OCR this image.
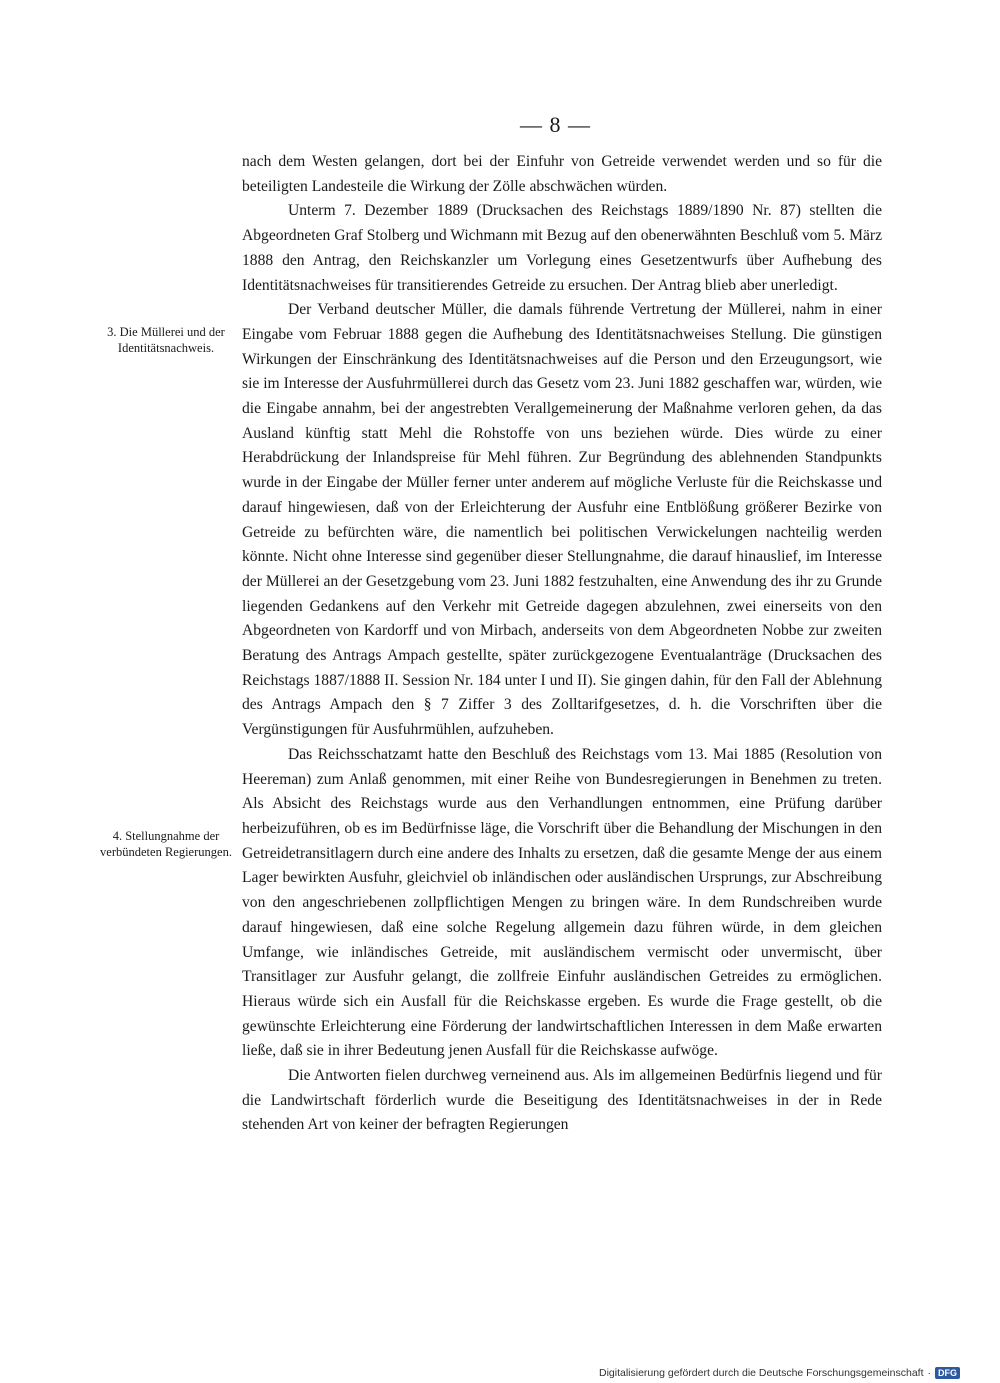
— 8 —
3. Die Müllerei und der Identitätsnachweis.
4. Stellungnahme der verbündeten Regierungen.

nach dem Westen gelangen, dort bei der Einfuhr von Getreide verwendet werden und so für die beteiligten Landesteile die Wirkung der Zölle abschwächen würden.

Unterm 7. Dezember 1889 (Drucksachen des Reichstags 1889/1890 Nr. 87) stellten die Abgeordneten Graf Stolberg und Wichmann mit Bezug auf den obenerwähnten Beschluß vom 5. März 1888 den Antrag, den Reichskanzler um Vorlegung eines Gesetzentwurfs über Aufhebung des Identitätsnachweises für transitierendes Getreide zu ersuchen. Der Antrag blieb aber unerledigt.

Der Verband deutscher Müller, die damals führende Vertretung der Müllerei, nahm in einer Eingabe vom Februar 1888 gegen die Aufhebung des Identitätsnachweises Stellung. Die günstigen Wirkungen der Einschränkung des Identitätsnachweises auf die Person und den Erzeugungsort, wie sie im Interesse der Ausfuhrmüllerei durch das Gesetz vom 23. Juni 1882 geschaffen war, würden, wie die Eingabe annahm, bei der angestrebten Verallgemeinerung der Maßnahme verloren gehen, da das Ausland künftig statt Mehl die Rohstoffe von uns beziehen würde. Dies würde zu einer Herabdrückung der Inlandspreise für Mehl führen. Zur Begründung des ablehnenden Standpunkts wurde in der Eingabe der Müller ferner unter anderem auf mögliche Verluste für die Reichskasse und darauf hingewiesen, daß von der Erleichterung der Ausfuhr eine Entblößung größerer Bezirke von Getreide zu befürchten wäre, die namentlich bei politischen Verwickelungen nachteilig werden könnte. Nicht ohne Interesse sind gegenüber dieser Stellungnahme, die darauf hinauslief, im Interesse der Müllerei an der Gesetzgebung vom 23. Juni 1882 festzuhalten, eine Anwendung des ihr zu Grunde liegenden Gedankens auf den Verkehr mit Getreide dagegen abzulehnen, zwei einerseits von den Abgeordneten von Kardorff und von Mirbach, anderseits von dem Abgeordneten Nobbe zur zweiten Beratung des Antrags Ampach gestellte, später zurückgezogene Eventualanträge (Drucksachen des Reichstags 1887/1888 II. Session Nr. 184 unter I und II). Sie gingen dahin, für den Fall der Ablehnung des Antrags Ampach den § 7 Ziffer 3 des Zolltarifgesetzes, d. h. die Vorschriften über die Vergünstigungen für Ausfuhrmühlen, aufzuheben.

Das Reichsschatzamt hatte den Beschluß des Reichstags vom 13. Mai 1885 (Resolution von Heereman) zum Anlaß genommen, mit einer Reihe von Bundesregierungen in Benehmen zu treten. Als Absicht des Reichstags wurde aus den Verhandlungen entnommen, eine Prüfung darüber herbeizuführen, ob es im Bedürfnisse läge, die Vorschrift über die Behandlung der Mischungen in den Getreidetransitlagern durch eine andere des Inhalts zu ersetzen, daß die gesamte Menge der aus einem Lager bewirkten Ausfuhr, gleichviel ob inländischen oder ausländischen Ursprungs, zur Abschreibung von den angeschriebenen zollpflichtigen Mengen zu bringen wäre. In dem Rundschreiben wurde darauf hingewiesen, daß eine solche Regelung allgemein dazu führen würde, in dem gleichen Umfange, wie inländisches Getreide, mit ausländischem vermischt oder unvermischt, über Transitlager zur Ausfuhr gelangt, die zollfreie Einfuhr ausländischen Getreides zu ermöglichen. Hieraus würde sich ein Ausfall für die Reichskasse ergeben. Es wurde die Frage gestellt, ob die gewünschte Erleichterung eine Förderung der landwirtschaftlichen Interessen in dem Maße erwarten ließe, daß sie in ihrer Bedeutung jenen Ausfall für die Reichskasse aufwöge.

Die Antworten fielen durchweg verneinend aus. Als im allgemeinen Bedürfnis liegend und für die Landwirtschaft förderlich wurde die Beseitigung des Identitätsnachweises in der in Rede stehenden Art von keiner der befragten Regierungen

Digitalisierung gefördert durch die Deutsche Forschungsgemeinschaft · DFG
